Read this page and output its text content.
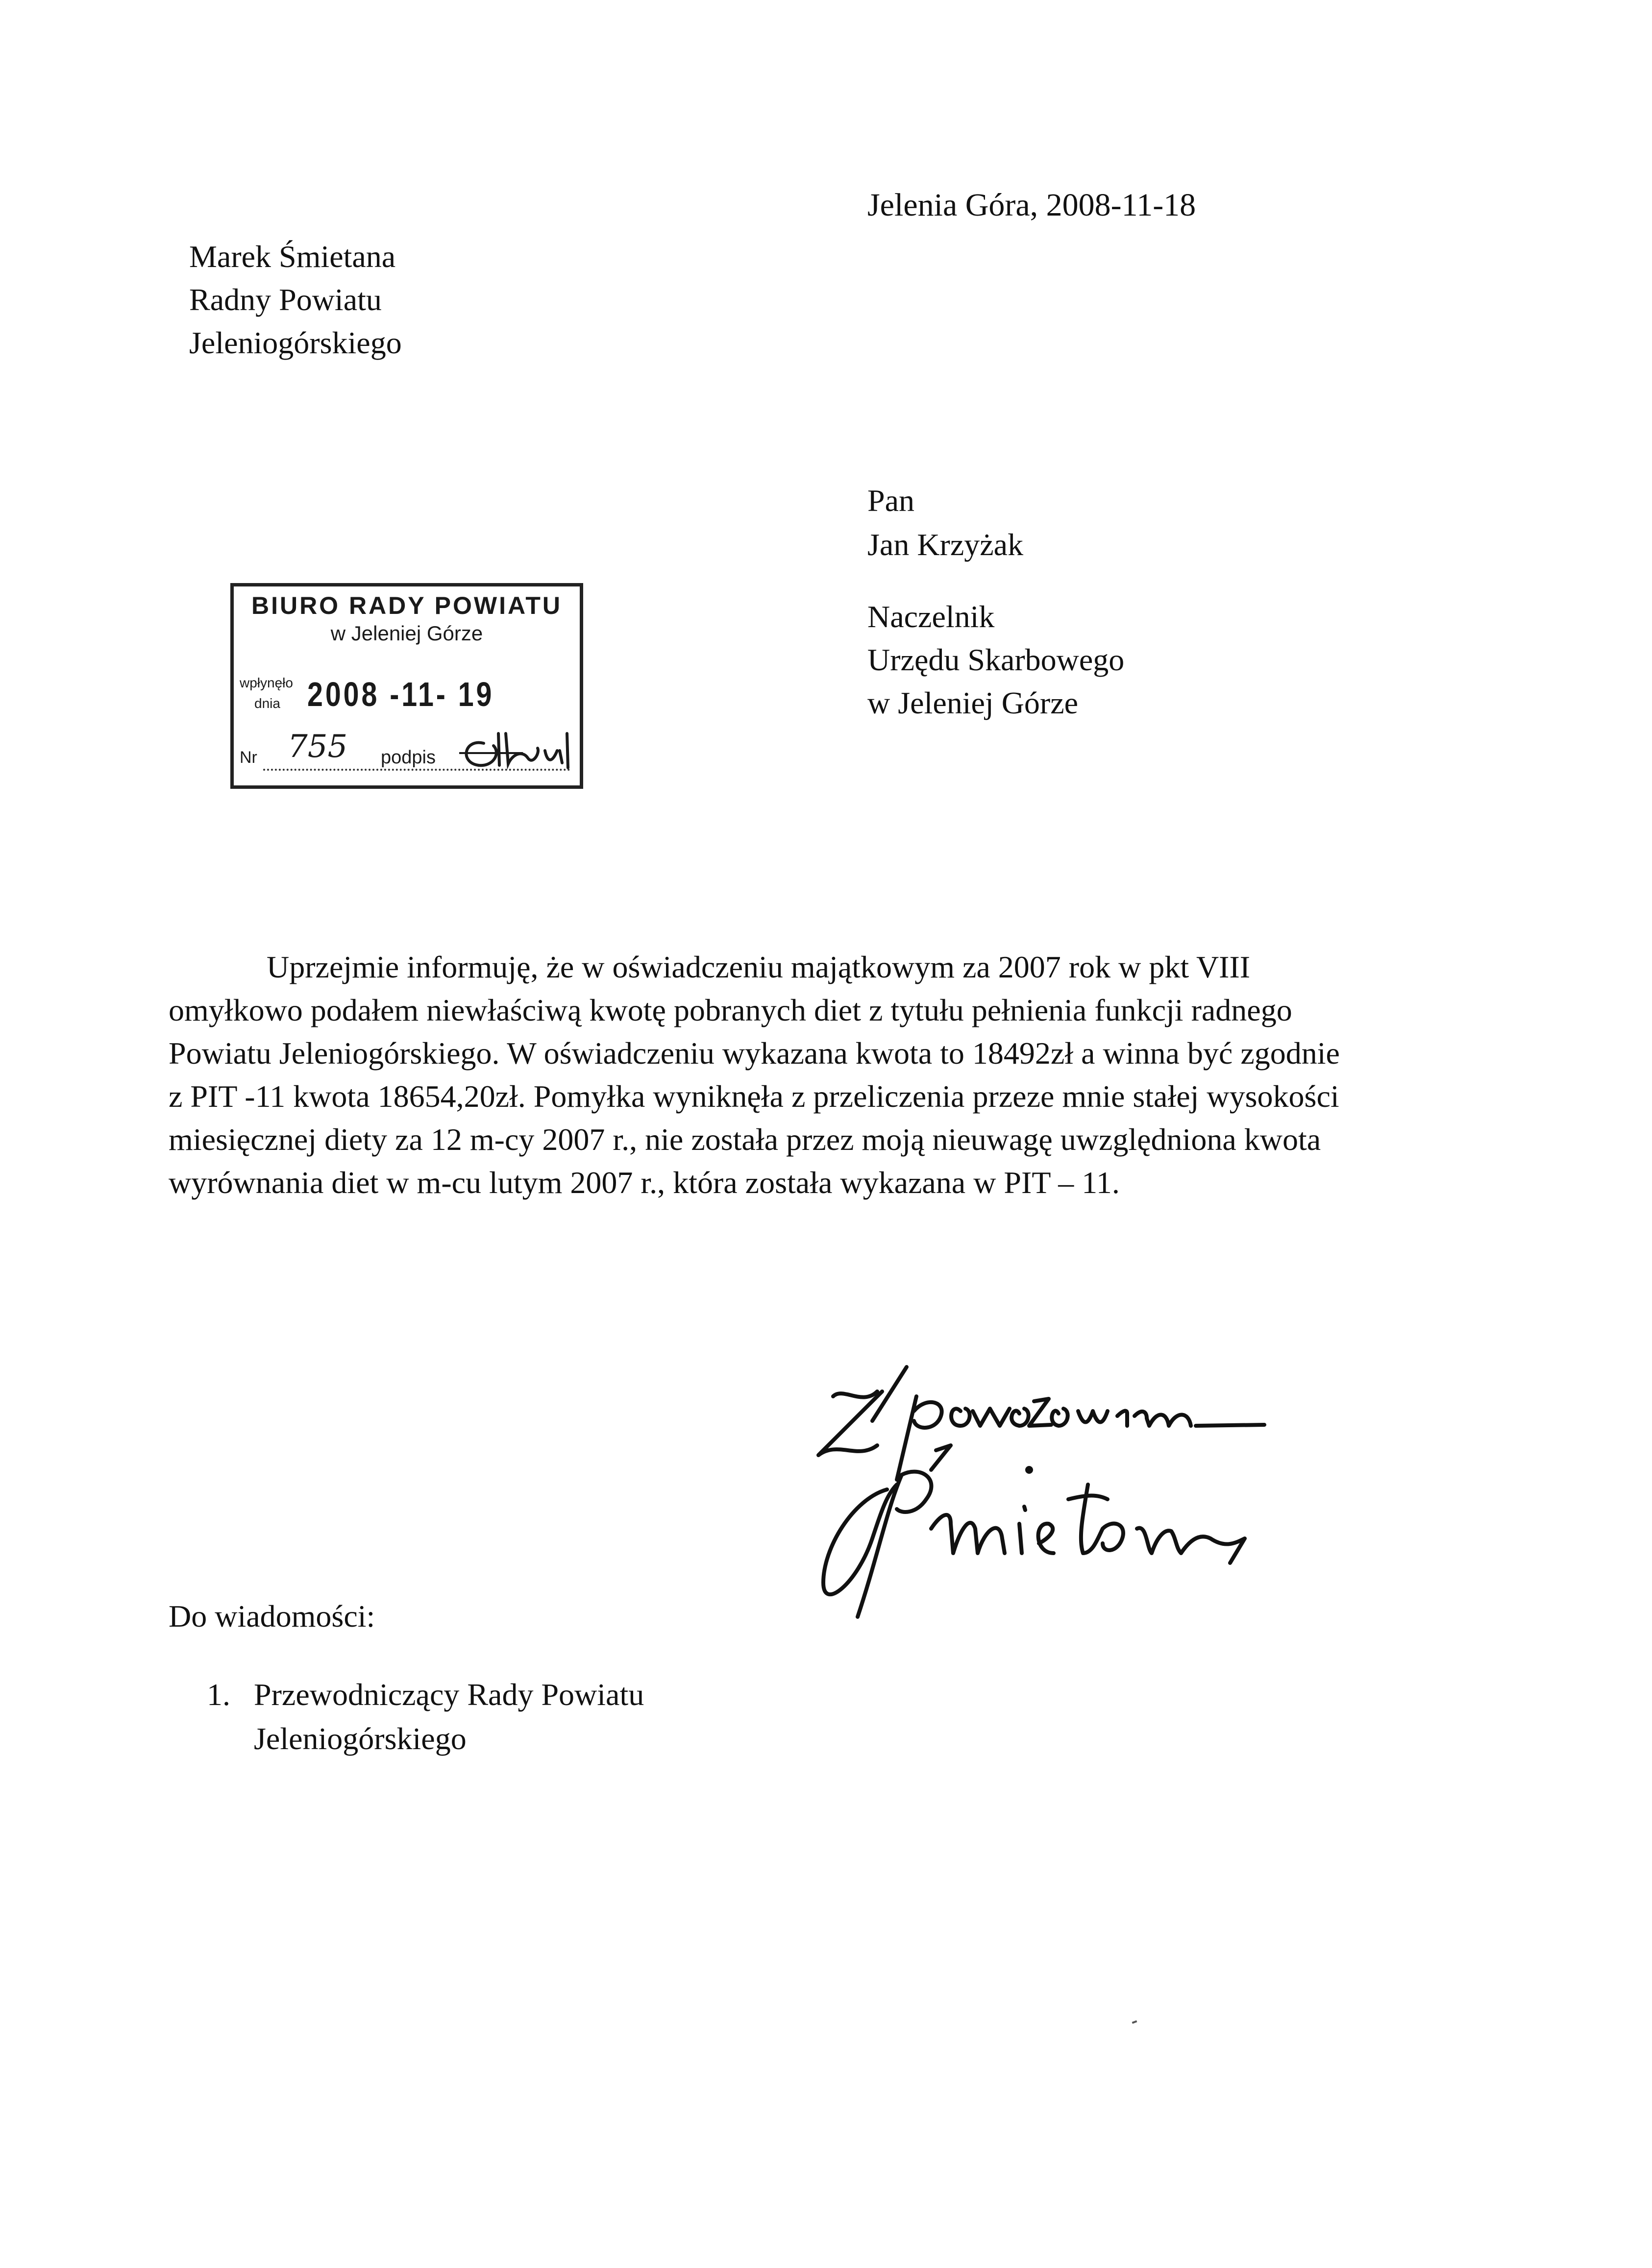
Jelenia Góra, 2008-11-18

Marek Śmietana
Radny Powiatu
Jeleniogórskiego
Pan
Jan Krzyżak
Naczelnik
Urzędu Skarbowego
w Jeleniej Górze
BIURO RADY POWIATU
w Jeleniej Górze
wpłynęło
dnia 2008 -11- 19
Nr 755 podpis
Uprzejmie informuję, że w oświadczeniu majątkowym za 2007 rok w pkt VIII
omyłkowo podałem niewłaściwą kwotę pobranych diet z tytułu pełnienia funkcji radnego
Powiatu Jeleniogórskiego. W oświadczeniu wykazana kwota to 18492zł a winna być zgodnie
z PIT -11 kwota 18654,20zł. Pomyłka wyniknęła z przeliczenia przeze mnie stałej wysokości
miesięcznej diety za 12 m-cy 2007 r., nie została przez moją nieuwagę uwzględniona kwota
wyrównania diet w m-cu lutym 2007 r., która została wykazana w PIT – 11.

Do wiadomości:

1. Przewodniczący Rady Powiatu

Jeleniogórskiego
